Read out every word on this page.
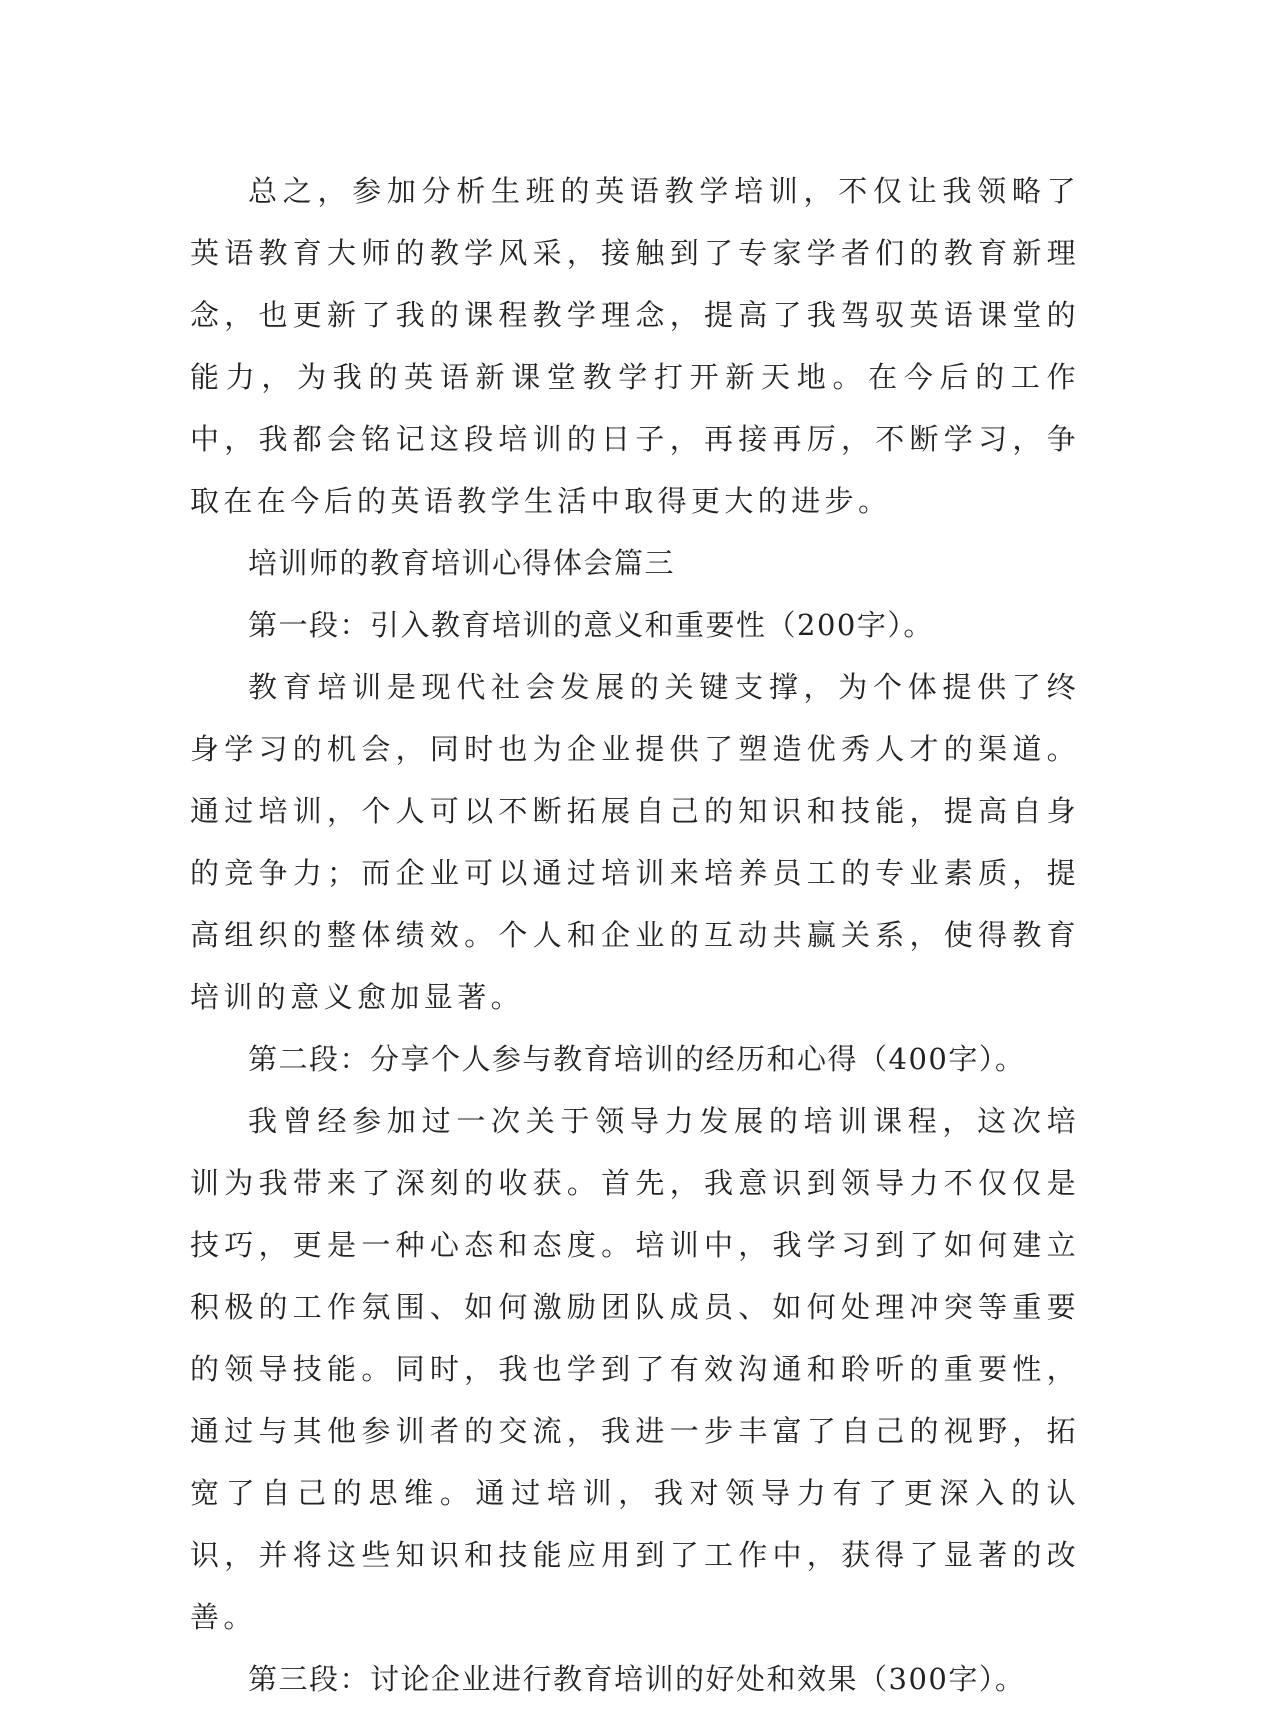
总之，参加分析生班的英语教学培训，不仅让我领略了英语教育大师的教学风采，接触到了专家学者们的教育新理念，也更新了我的课程教学理念，提高了我驾驭英语课堂的能力，为我的英语新课堂教学打开新天地。在今后的工作中，我都会铭记这段培训的日子，再接再厉，不断学习，争取在在今后的英语教学生活中取得更大的进步。

培训师的教育培训心得体会篇三

第一段：引入教育培训的意义和重要性（200字）。

教育培训是现代社会发展的关键支撑，为个体提供了终身学习的机会，同时也为企业提供了塑造优秀人才的渠道。通过培训，个人可以不断拓展自己的知识和技能，提高自身的竞争力；而企业可以通过培训来培养员工的专业素质，提高组织的整体绩效。个人和企业的互动共赢关系，使得教育培训的意义愈加显著。

第二段：分享个人参与教育培训的经历和心得（400字）。

我曾经参加过一次关于领导力发展的培训课程，这次培训为我带来了深刻的收获。首先，我意识到领导力不仅仅是技巧，更是一种心态和态度。培训中，我学习到了如何建立积极的工作氛围、如何激励团队成员、如何处理冲突等重要的领导技能。同时，我也学到了有效沟通和聆听的重要性，通过与其他参训者的交流，我进一步丰富了自己的视野，拓宽了自己的思维。通过培训，我对领导力有了更深入的认识，并将这些知识和技能应用到了工作中，获得了显著的改善。

第三段：讨论企业进行教育培训的好处和效果（300字）。
